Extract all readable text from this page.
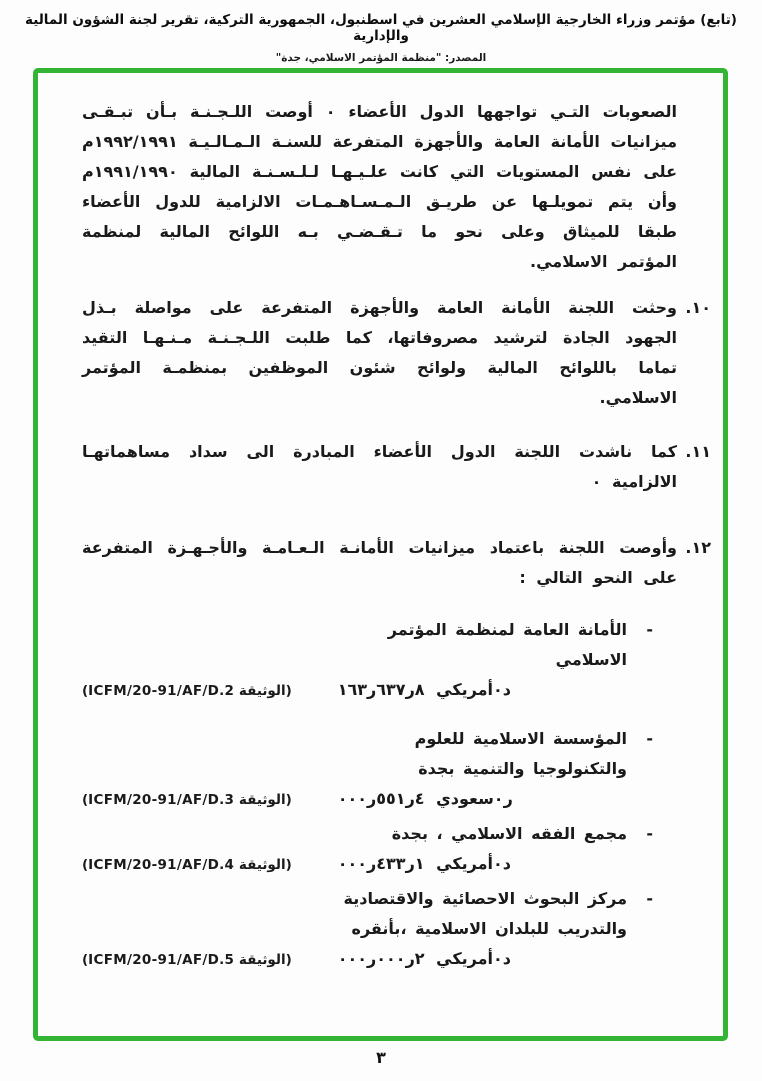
(تابع) مؤتمر وزراء الخارجية الإسلامي العشرين في اسطنبول، الجمهورية التركية، تقرير لجنة الشؤون المالية والإدارية
المصدر: "منظمة المؤتمر الاسلامي، جدة"
الصعوبات التـي تواجهها الدول الأعضاء ٠ أوصت اللـجـنـة بـأن تبـقـى ميزانيات الأمانة العامة والأجهزة المتفرعة للسنـة الـمـالـيـة ١٩٩٢/١٩٩١م على نفس المستويات التي كانت علـيـهـا لـلـسـنـة المالية ١٩٩١/١٩٩٠م وأن يتم تمويلـها عن طريـق الـمـسـاهـمـات الالزامية للدول الأعضاء طبقا للميثاق وعلى نحو ما تـقـضـي بـه اللوائح المالية لمنظمة المؤتمر الاسلامي.
١٠.
وحثت اللجنة الأمانة العامة والأجهزة المتفرعة على مواصلة بـذل الجهود الجادة لترشيد مصروفاتها، كما طلبت اللـجـنـة مـنـهـا التقيد تماما باللوائح المالية ولوائح شئون الموظفين بمنظمـة المؤتمر الاسلامي.
١١.
كما ناشدت اللجنة الدول الأعضاء المبادرة الى سداد مساهماتهـا الالزامية ٠
١٢.
وأوصت اللجنة باعتماد ميزانيات الأمانـة الـعـامـة والأجـهـزة المتفرعة على النحو التالي :
-
الأمانة العامة لمنظمة المؤتمر
الاسلامي
(الوثيقة ICFM/20-91/AF/D.2)	د٠أمريكي ٨ر٦٣٧ر١٦٣
-
المؤسسة الاسلامية للعلوم
والتكنولوجيا والتنمية بجدة
(الوثيقة ICFM/20-91/AF/D.3)	ر٠سعودي ٤ر٥٥١ر٠٠٠
-
مجمع الفقه الاسلامي ، بجدة
(الوثيقة ICFM/20-91/AF/D.4)	د٠أمريكي ١ر٤٣٣ر٠٠٠
-
مركز البحوث الاحصائية والاقتصادية
والتدريب للبلدان الاسلامية ،بأنقره
(الوثيقة ICFM/20-91/AF/D.5)	د٠أمريكي ٢ر٠٠٠ر٠٠٠
٣
